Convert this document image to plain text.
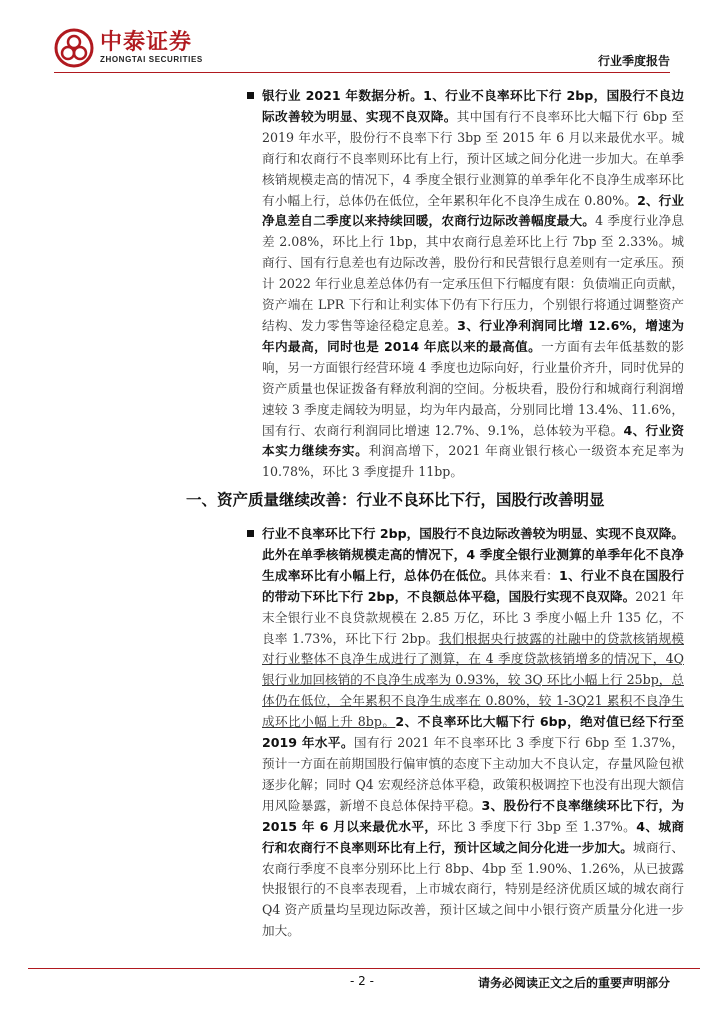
中泰证券
ZHONGTAI SECURITIES	行业季度报告
银行业 2021 年数据分析。1、行业不良率环比下行 2bp，国股行不良边际改善较为明显、实现不良双降。其中国有行不良率环比大幅下行 6bp 至 2019 年水平，股份行不良率下行 3bp 至 2015 年 6 月以来最优水平。城商行和农商行不良率则环比有上行，预计区域之间分化进一步加大。在单季核销规模走高的情况下，4 季度全银行业测算的单季年化不良净生成率环比有小幅上行，总体仍在低位，全年累积年化不良净生成在 0.80%。2、行业净息差自二季度以来持续回暖，农商行边际改善幅度最大。4 季度行业净息差 2.08%，环比上行 1bp，其中农商行息差环比上行 7bp 至 2.33%。城商行、国有行息差也有边际改善，股份行和民营银行息差则有一定承压。预计 2022 年行业息差总体仍有一定承压但下行幅度有限：负债端正向贡献，资产端在 LPR 下行和让利实体下仍有下行压力，个别银行将通过调整资产结构、发力零售等途径稳定息差。3、行业净利润同比增 12.6%，增速为年内最高，同时也是 2014 年底以来的最高值。一方面有去年低基数的影响，另一方面银行经营环境 4 季度也边际向好，行业量价齐升，同时优异的资产质量也保证拨备有释放利润的空间。分板块看，股份行和城商行利润增速较 3 季度走阔较为明显，均为年内最高，分别同比增 13.4%、11.6%，国有行、农商行利润同比增速 12.7%、9.1%，总体较为平稳。4、行业资本实力继续夯实。利润高增下，2021 年商业银行核心一级资本充足率为 10.78%，环比 3 季度提升 11bp。
一、资产质量继续改善：行业不良环比下行，国股行改善明显
行业不良率环比下行 2bp，国股行不良边际改善较为明显、实现不良双降。此外在单季核销规模走高的情况下，4 季度全银行业测算的单季年化不良净生成率环比有小幅上行，总体仍在低位。具体来看：1、行业不良在国股行的带动下环比下行 2bp，不良额总体平稳，国股行实现不良双降。2021 年末全银行业不良贷款规模在 2.85 万亿，环比 3 季度小幅上升 135 亿，不良率 1.73%，环比下行 2bp。我们根据央行披露的社融中的贷款核销规模对行业整体不良净生成进行了测算，在 4 季度贷款核销增多的情况下，4Q 银行业加回核销的不良净生成率为 0.93%，较 3Q 环比小幅上行 25bp，总体仍在低位，全年累积不良净生成率在 0.80%，较 1-3Q21 累积不良净生成环比小幅上升 8bp。2、不良率环比大幅下行 6bp，绝对值已经下行至 2019 年水平。国有行 2021 年不良率环比 3 季度下行 6bp 至 1.37%，预计一方面在前期国股行偏审慎的态度下主动加大不良认定，存量风险包袱逐步化解；同时 Q4 宏观经济总体平稳，政策积极调控下也没有出现大额信用风险暴露，新增不良总体保持平稳。3、股份行不良率继续环比下行，为 2015 年 6 月以来最优水平，环比 3 季度下行 3bp 至 1.37%。4、城商行和农商行不良率则环比有上行，预计区域之间分化进一步加大。城商行、农商行季度不良率分别环比上行 8bp、4bp 至 1.90%、1.26%，从已披露快报银行的不良率表现看，上市城农商行，特别是经济优质区域的城农商行 Q4 资产质量均呈现边际改善，预计区域之间中小银行资产质量分化进一步加大。
- 2 -	请务必阅读正文之后的重要声明部分
